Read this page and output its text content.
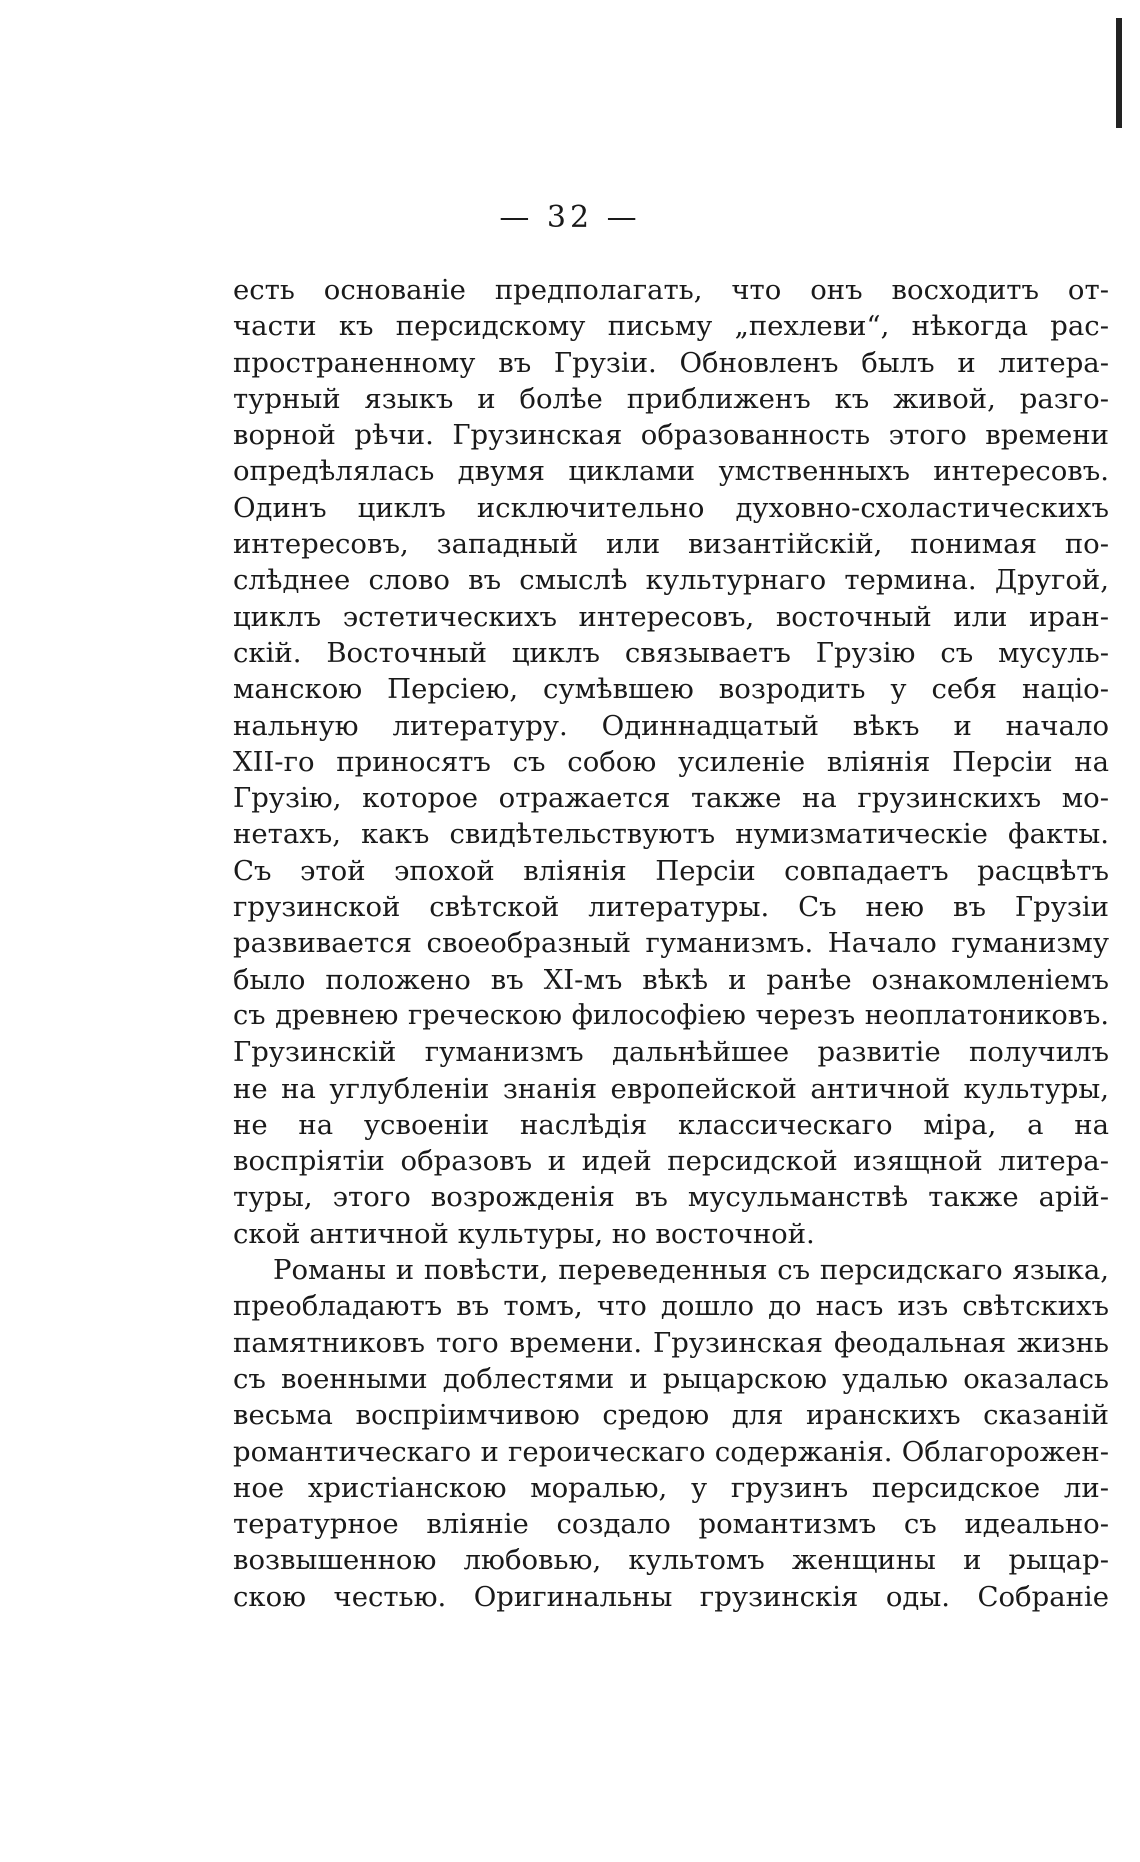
— 32 —
есть основаніе предполагать, что онъ восходитъ от-
части къ персидскому письму „пехлеви“, нѣкогда рас-
пространенному въ Грузіи. Обновленъ былъ и литера-
турный языкъ и болѣе приближенъ къ живой, разго-
ворной рѣчи. Грузинская образованность этого времени
опредѣлялась двумя циклами умственныхъ интересовъ.
Одинъ циклъ исключительно духовно-схоластическихъ
интересовъ, западный или византійскій, понимая по-
слѣднее слово въ смыслѣ культурнаго термина. Другой,
циклъ эстетическихъ интересовъ, восточный или иран-
скій. Восточный циклъ связываетъ Грузію съ мусуль-
манскою Персіею, сумѣвшею возродить у себя націо-
нальную литературу. Одиннадцатый вѣкъ и начало
XII-го приносятъ съ собою усиленіе вліянія Персіи на
Грузію, которое отражается также на грузинскихъ мо-
нетахъ, какъ свидѣтельствуютъ нумизматическіе факты.
Съ этой эпохой вліянія Персіи совпадаетъ расцвѣтъ
грузинской свѣтской литературы. Съ нею въ Грузіи
развивается своеобразный гуманизмъ. Начало гуманизму
было положено въ XI-мъ вѣкѣ и ранѣе ознакомленіемъ
съ древнею греческою философіею черезъ неоплатониковъ.
Грузинскій гуманизмъ дальнѣйшее развитіе получилъ
не на углубленіи знанія европейской античной культуры,
не на усвоеніи наслѣдія классическаго міра, а на
воспріятіи образовъ и идей персидской изящной литера-
туры, этого возрожденія въ мусульманствѣ также арій-
ской античной культуры, но восточной.
Романы и повѣсти, переведенныя съ персидскаго языка,
преобладаютъ въ томъ, что дошло до насъ изъ свѣтскихъ
памятниковъ того времени. Грузинская феодальная жизнь
съ военными доблестями и рыцарскою удалью оказалась
весьма воспріимчивою средою для иранскихъ сказаній
романтическаго и героическаго содержанія. Облагорожен-
ное христіанскою моралью, у грузинъ персидское ли-
тературное вліяніе создало романтизмъ съ идеально-
возвышенною любовью, культомъ женщины и рыцар-
скою честью. Оригинальны грузинскія оды. Собраніе
